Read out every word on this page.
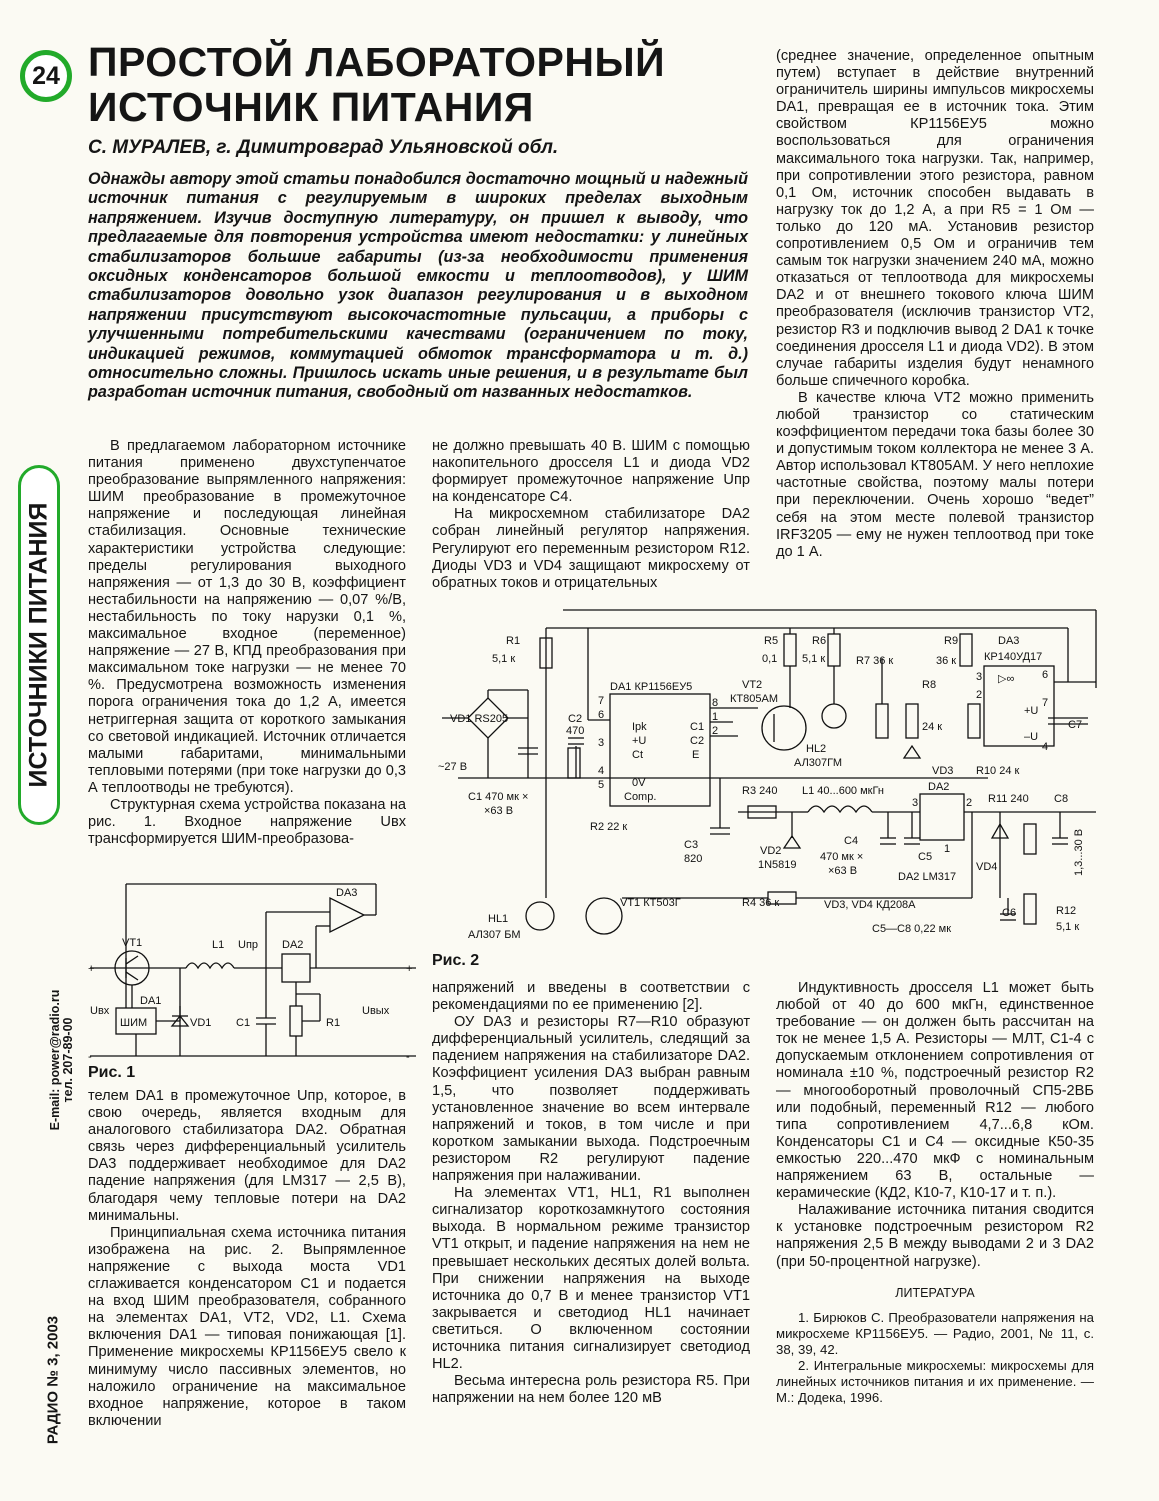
24 ПРОСТОЙ ЛАБОРАТОРНЫЙ
ИСТОЧНИК ПИТАНИЯ
С. МУРАЛЕВ, г. Димитровград Ульяновской обл.
Однажды автору этой статьи понадобился достаточно мощный и надежный источник питания с регулируемым в широких пределах выходным напряжением. Изучив доступную литературу, он пришел к выводу, что предлагаемые для повторения устройства имеют недостатки: у линейных стабилизаторов большие габариты (из-за необходимости применения оксидных конденсаторов большой емкости и теплоотводов), у ШИМ стабилизаторов довольно узок диапазон регулирования и в выходном напряжении присутствуют высокочастотные пульсации, а приборы с улучшенными потребительскими качествами (ограничением по току, индикацией режимов, коммутацией обмоток трансформатора и т. д.) относительно сложны. Пришлось искать иные решения, и в результате был разработан источник питания, свободный от названных недостатков.
ИСТОЧНИКИ ПИТАНИЯ
E-mail: power@radio.ru тел. 207-89-00
РАДИО № 3, 2003

В предлагаемом лабораторном источнике питания применено двухступенчатое преобразование выпрямленного напряжения: ШИМ преобразование в промежуточное напряжение и последующая линейная стабилизация. Основные технические характеристики устройства следующие: пределы регулирования выходного напряжения — от 1,3 до 30 В, коэффициент нестабильности на напряжению — 0,07 %/В, нестабильность по току нарузки 0,1 %, максимальное входное (переменное) напряжение — 27 В, КПД преобразования при максимальном токе нагрузки — не менее 70 %. Предусмотрена возможность изменения порога ограничения тока до 1,2 А, имеется нетриггерная защита от короткого замыкания со световой индикацией. Источник отличается малыми габаритами, минимальными тепловыми потерями (при токе нагрузки до 0,3 А теплоотводы не требуются).

Структурная схема устройства показана на рис. 1. Входное напряжение Uвх трансформируется ШИМ-преобразова-

+
-
+
-
DA3
VT1	L1 Uпр DA2
DA1
ШИМ	VD1 C1	R1
Uвх	Uвых
Рис. 1

телем DA1 в промежуточное Uпр, которое, в свою очередь, является входным для аналогового стабилизатора DA2. Обратная связь через дифференциальный усилитель DA3 поддерживает необходимое для DA2 падение напряжения (для LM317 — 2,5 В), благодаря чему тепловые потери на DA2 минимальны.

Принципиальная схема источника питания изображена на рис. 2. Выпрямленное напряжение с выхода моста VD1 сглаживается конденсатором C1 и подается на вход ШИМ преобразователя, собранного на элементах DA1, VT2, VD2, L1. Схема включения DA1 — типовая понижающая [1]. Применение микросхемы КР1156ЕУ5 свело к минимуму число пассивных элементов, но наложило ограничение на максимальное входное напряжение, которое в таком включении

не должно превышать 40 В. ШИМ с помощью накопительного дросселя L1 и диода VD2 формирует промежуточное напряжение Uпр на конденсаторе C4.

На микросхемном стабилизаторе DA2 собран линейный регулятор напряжения. Регулируют его переменным резистором R12. Диоды VD3 и VD4 защищают микросхему от обратных токов и отрицательных

R1
5,1 к
VD1 RS205
~27 В
C1 470 мк ×
×63 В
C2
470
DA1 КР1156ЕУ5
Ipk
+U
Ct
0V
Comp.
C1
C2
E
7
6
3
4
5
8
1
2
R2 22 к
C3
820
R5
0,1
R6
5,1 к
VT2
КТ805АМ
HL2
АЛ307ГМ
R3 240 L1 40...600 мкГн
VD2
1N5819
C4
470 мк ×
×63 В
C5
R7 36 к
R8
24 к
VD3
R9
36 к
DA3
КР140УД17
▷∞
+U
–U
C7
R10 24 к
DA2
R11 240 C8
VD4	1,3...30 В
C6	R12
5,1 к
HL1
АЛ307 БМ
VT1 КТ503Г	R4 36 к	VD3, VD4 КД208А
C5—C8 0,22 мк
3
2
6
7
4
3	2
1
DA2 LM317
Рис. 2

напряжений и введены в соответствии с рекомендациями по ее применению [2].

ОУ DA3 и резисторы R7—R10 образуют дифференциальный усилитель, следящий за падением напряжения на стабилизаторе DA2. Коэффициент усиления DA3 выбран равным 1,5, что позволяет поддерживать установленное значение во всем интервале напряжений и токов, в том числе и при коротком замыкании выхода. Подстроечным резистором R2 регулируют падение напряжения при налаживании.

На элементах VT1, HL1, R1 выполнен сигнализатор короткозамкнутого состояния выхода. В нормальном режиме транзистор VT1 открыт, и падение напряжения на нем не превышает нескольких десятых долей вольта. При снижении напряжения на выходе источника до 0,7 В и менее транзистор VT1 закрывается и светодиод HL1 начинает светиться. О включенном состоянии источника питания сигнализирует светодиод HL2.

Весьма интересна роль резистора R5. При напряжении на нем более 120 мВ

(среднее значение, определенное опытным путем) вступает в действие внутренний ограничитель ширины импульсов микросхемы DA1, превращая ее в источник тока. Этим свойством КР1156ЕУ5 можно воспользоваться для ограничения максимального тока нагрузки. Так, например, при сопротивлении этого резистора, равном 0,1 Ом, источник способен выдавать в нагрузку ток до 1,2 А, а при R5 = 1 Ом — только до 120 мА. Установив резистор сопротивлением 0,5 Ом и ограничив тем самым ток нагрузки значением 240 мА, можно отказаться от теплоотвода для микросхемы DA2 и от внешнего токового ключа ШИМ преобразователя (исключив транзистор VT2, резистор R3 и подключив вывод 2 DA1 к точке соединения дросселя L1 и диода VD2). В этом случае габариты изделия будут ненамного больше спичечного коробка.

В качестве ключа VT2 можно применить любой транзистор со статическим коэффициентом передачи тока базы более 30 и допустимым током коллектора не менее 3 А. Автор использовал КТ805АМ. У него неплохие частотные свойства, поэтому малы потери при переключении. Очень хорошо “ведет” себя на этом месте полевой транзистор IRF3205 — ему не нужен теплоотвод при токе до 1 А.

Индуктивность дросселя L1 может быть любой от 40 до 600 мкГн, единственное требование — он должен быть рассчитан на ток не менее 1,5 А. Резисторы — МЛТ, C1-4 с допускаемым отклонением сопротивления от номинала ±10 %, подстроечный резистор R2 — многооборотный проволочный СП5-2ВБ или подобный, переменный R12 — любого типа сопротивлением 4,7...6,8 кОм. Конденсаторы C1 и C4 — оксидные К50-35 емкостью 220...470 мкФ с номинальным напряжением 63 В, остальные — керамические (КД2, К10-7, К10-17 и т. п.).

Налаживание источника питания сводится к установке подстроечным резистором R2 напряжения 2,5 В между выводами 2 и 3 DA2 (при 50-процентной нагрузке).

ЛИТЕРАТУРА

1. Бирюков С. Преобразователи напряжения на микросхеме КР1156ЕУ5. — Радио, 2001, № 11, с. 38, 39, 42.

2. Интегральные микросхемы: микросхемы для линейных источников питания и их применение. — М.: Додека, 1996.
